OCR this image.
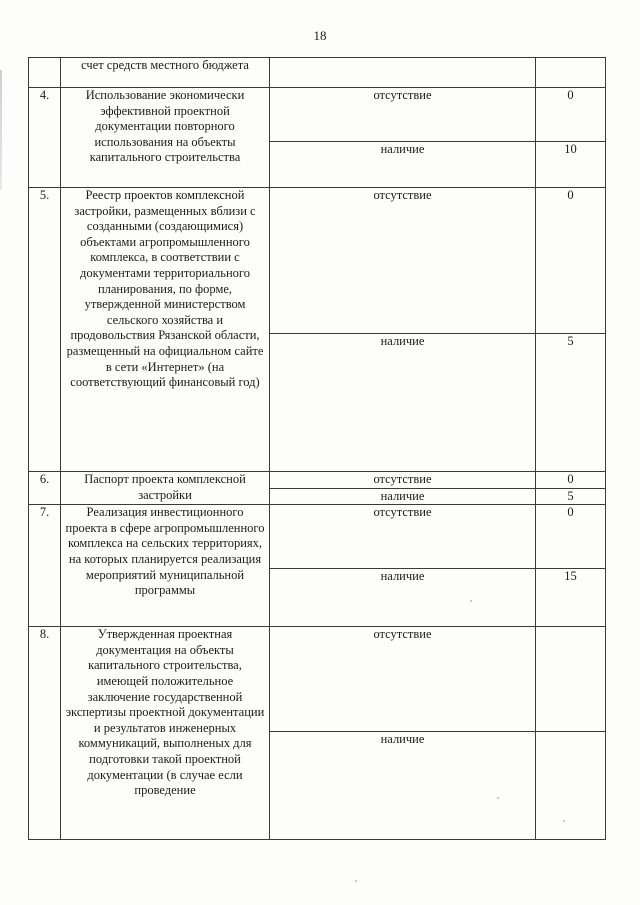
18
	счет средств местного бюджета		
4.	Использование экономически эффективной проектной документации повторного использования на объекты капитального строительства	отсутствие	0
		наличие	10
5.	Реестр проектов комплексной застройки, размещенных вблизи с созданными (создающимися) объектами агропромышленного комплекса, в соответствии с документами территориального планирования, по форме, утвержденной министерством сельского хозяйства и продовольствия Рязанской области, размещенный на официальном сайте в сети «Интернет» (на соответствующий финансовый год)	отсутствие	0
		наличие	5
6.	Паспорт проекта комплексной застройки	отсутствие	0
		наличие	5
7.	Реализация инвестиционного проекта в сфере агропромышленного комплекса на сельских территориях, на которых планируется реализация мероприятий муниципальной программы	отсутствие	0
		наличие	15
8.	Утвержденная проектная документация на объекты капитального строительства, имеющей положительное заключение государственной экспертизы проектной документации и результатов инженерных коммуникаций, выполненых для подготовки такой проектной документации (в случае если проведение	отсутствие	
		наличие	
